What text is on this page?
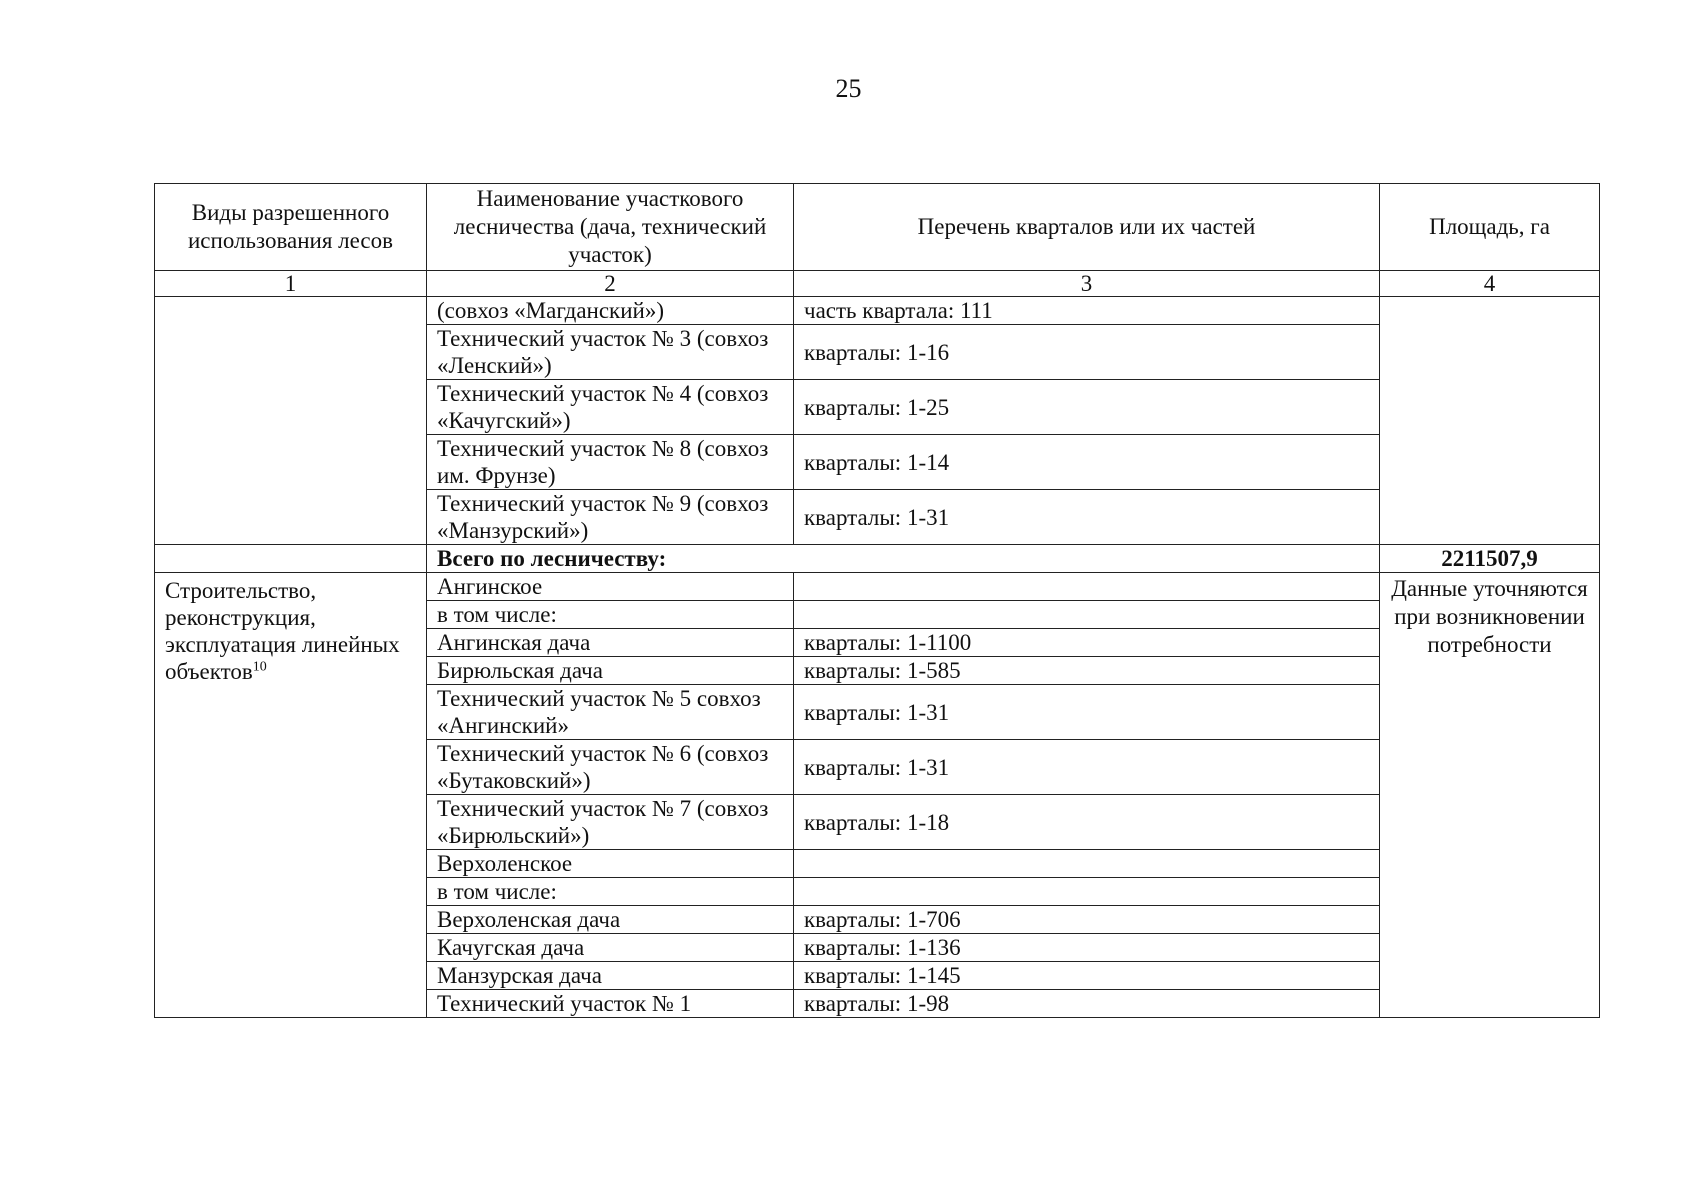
25
Виды разрешенного использования лесов	Наименование участкового лесничества (дача, технический участок)	Перечень кварталов или их частей	Площадь, га
1	2	3	4
	(совхоз «Магданский»)	часть квартала: 111	
	Технический участок № 3 (совхоз «Ленский»)	кварталы: 1-16	
	Технический участок № 4 (совхоз «Качугский»)	кварталы: 1-25	
	Технический участок № 8 (совхоз им. Фрунзе)	кварталы: 1-14	
	Технический участок № 9 (совхоз «Манзурский»)	кварталы: 1-31	
	Всего по лесничеству:		2211507,9
Строительство, реконструкция, эксплуатация линейных объектов$^{10}$	Ангинское		Данные уточняются при возникновении потребности
	в том числе:		
	Ангинская дача	кварталы: 1-1100	
	Бирюльская дача	кварталы: 1-585	
	Технический участок № 5 совхоз «Ангинский»	кварталы: 1-31	
	Технический участок № 6 (совхоз «Бутаковский»)	кварталы: 1-31	
	Технический участок № 7 (совхоз «Бирюльский»)	кварталы: 1-18	
	Верхоленское		
	в том числе:		
	Верхоленская дача	кварталы: 1-706	
	Качугская дача	кварталы: 1-136	
	Манзурская дача	кварталы: 1-145	
	Технический участок № 1	кварталы: 1-98	
